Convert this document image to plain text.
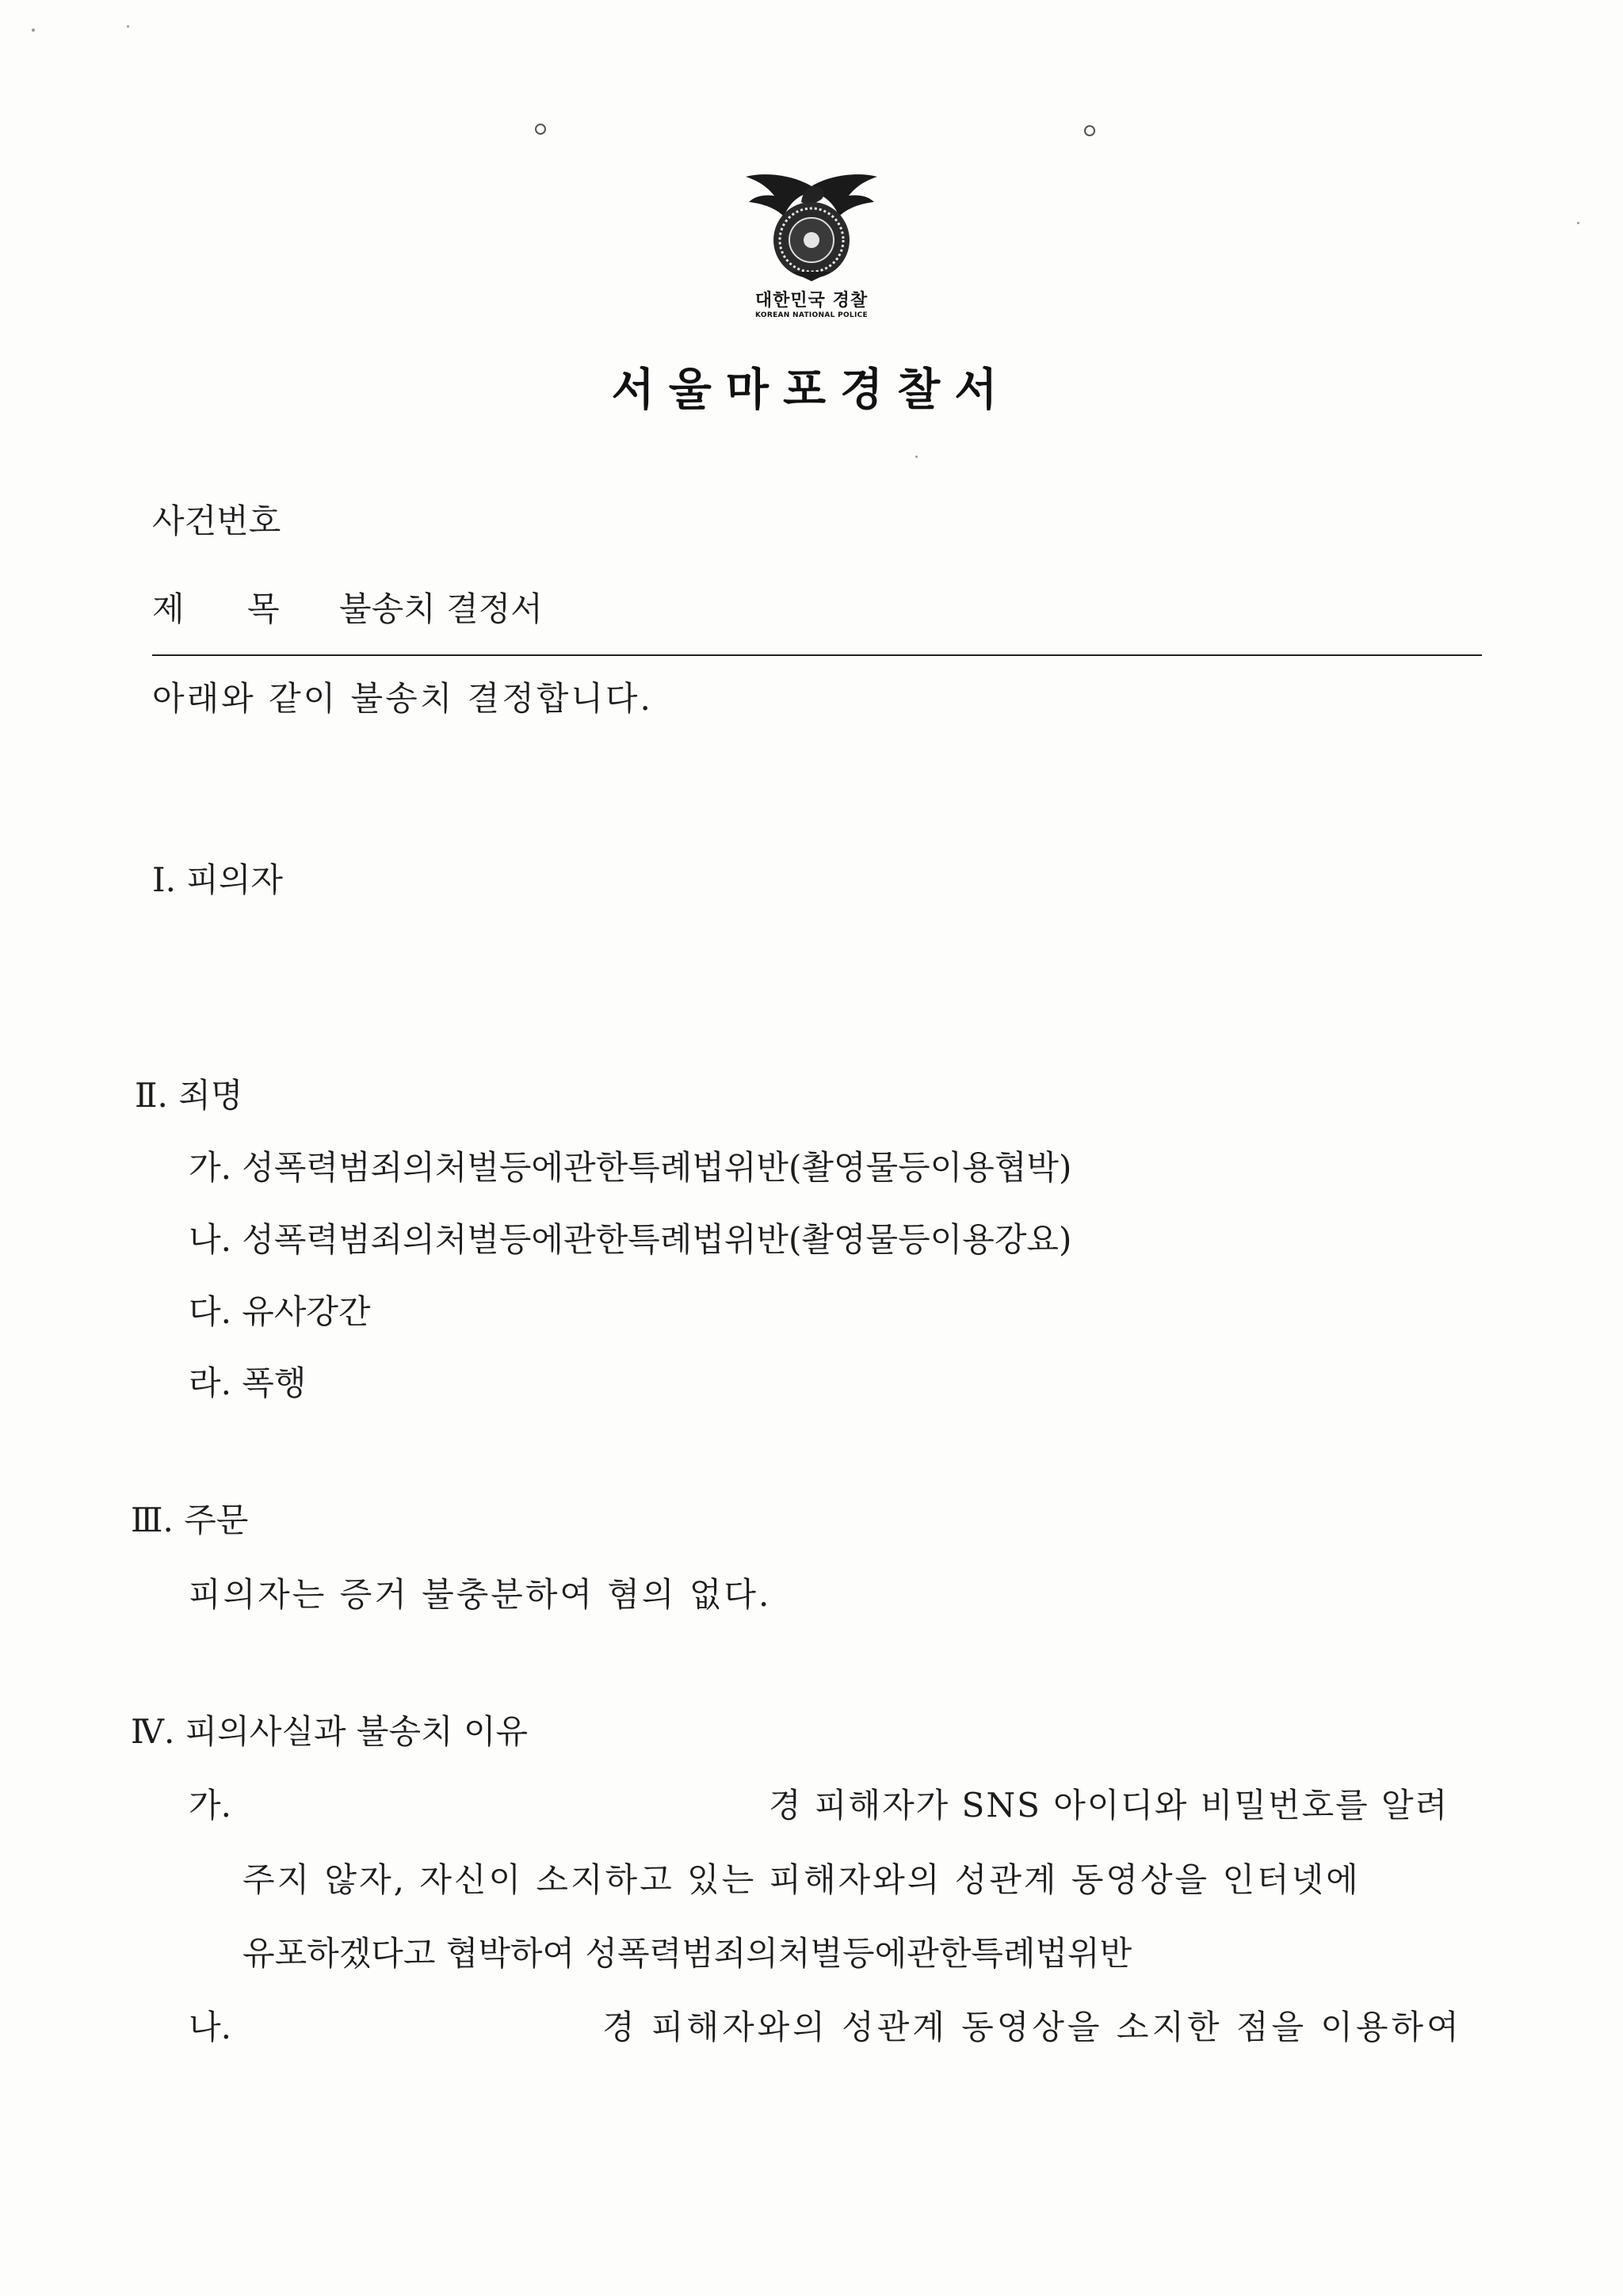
대한민국 경찰
KOREAN NATIONAL POLICE
서울마포경찰서
사건번호
제 목 불송치 결정서
아래와 같이 불송치 결정합니다.
Ⅰ. 피의자
Ⅱ. 죄명
가. 성폭력범죄의처벌등에관한특례법위반(촬영물등이용협박)
나. 성폭력범죄의처벌등에관한특례법위반(촬영물등이용강요)
다. 유사강간
라. 폭행
Ⅲ. 주문
피의자는 증거 불충분하여 혐의 없다.
Ⅳ. 피의사실과 불송치 이유
가.	경 피해자가 SNS 아이디와 비밀번호를 알려
주지 않자, 자신이 소지하고 있는 피해자와의 성관계 동영상을 인터넷에
유포하겠다고 협박하여 성폭력범죄의처벌등에관한특례법위반
나.	경 피해자와의 성관계 동영상을 소지한 점을 이용하여
